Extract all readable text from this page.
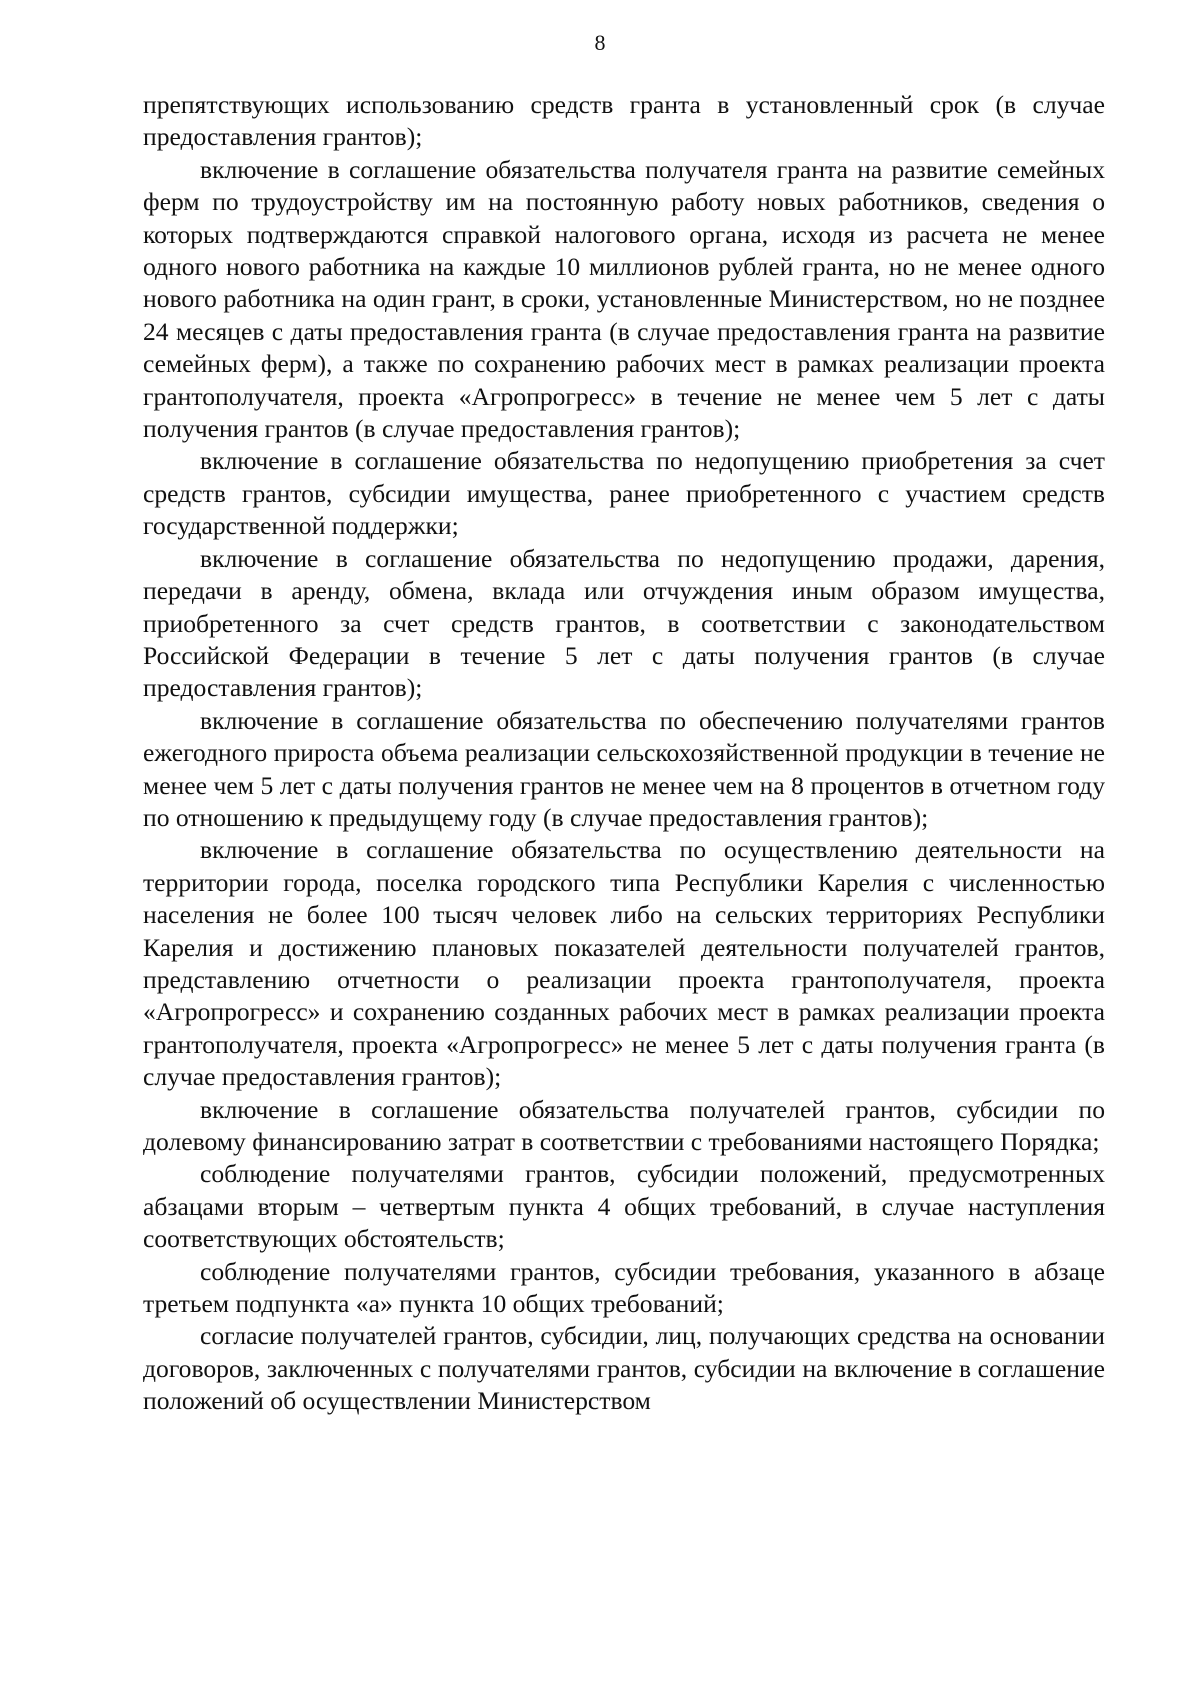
8

препятствующих использованию средств гранта в установленный срок (в случае предоставления грантов);

включение в соглашение обязательства получателя гранта на развитие семейных ферм по трудоустройству им на постоянную работу новых работников, сведения о которых подтверждаются справкой налогового органа, исходя из расчета не менее одного нового работника на каждые 10 миллионов рублей гранта, но не менее одного нового работника на один грант, в сроки, установленные Министерством, но не позднее 24 месяцев с даты предоставления гранта (в случае предоставления гранта на развитие семейных ферм), а также по сохранению рабочих мест в рамках реализации проекта грантополучателя, проекта «Агропрогресс» в течение не менее чем 5 лет с даты получения грантов (в случае предоставления грантов);

включение в соглашение обязательства по недопущению приобретения за счет средств грантов, субсидии имущества, ранее приобретенного с участием средств государственной поддержки;

включение в соглашение обязательства по недопущению продажи, дарения, передачи в аренду, обмена, вклада или отчуждения иным образом имущества, приобретенного за счет средств грантов, в соответствии с законодательством Российской Федерации в течение 5 лет с даты получения грантов (в случае предоставления грантов);

включение в соглашение обязательства по обеспечению получателями грантов ежегодного прироста объема реализации сельскохозяйственной продукции в течение не менее чем 5 лет с даты получения грантов не менее чем на 8 процентов в отчетном году по отношению к предыдущему году (в случае предоставления грантов);

включение в соглашение обязательства по осуществлению деятельности на территории города, поселка городского типа Республики Карелия с численностью населения не более 100 тысяч человек либо на сельских территориях Республики Карелия и достижению плановых показателей деятельности получателей грантов, представлению отчетности о реализации проекта грантополучателя, проекта «Агропрогресс» и сохранению созданных рабочих мест в рамках реализации проекта грантополучателя, проекта «Агропрогресс» не менее 5 лет с даты получения гранта (в случае предоставления грантов);

включение в соглашение обязательства получателей грантов, субсидии по долевому финансированию затрат в соответствии с требованиями настоящего Порядка;

соблюдение получателями грантов, субсидии положений, предусмотренных абзацами вторым – четвертым пункта 4 общих требований, в случае наступления соответствующих обстоятельств;

соблюдение получателями грантов, субсидии требования, указанного в абзаце третьем подпункта «а» пункта 10 общих требований;

согласие получателей грантов, субсидии, лиц, получающих средства на основании договоров, заключенных с получателями грантов, субсидии на включение в соглашение положений об осуществлении Министерством
